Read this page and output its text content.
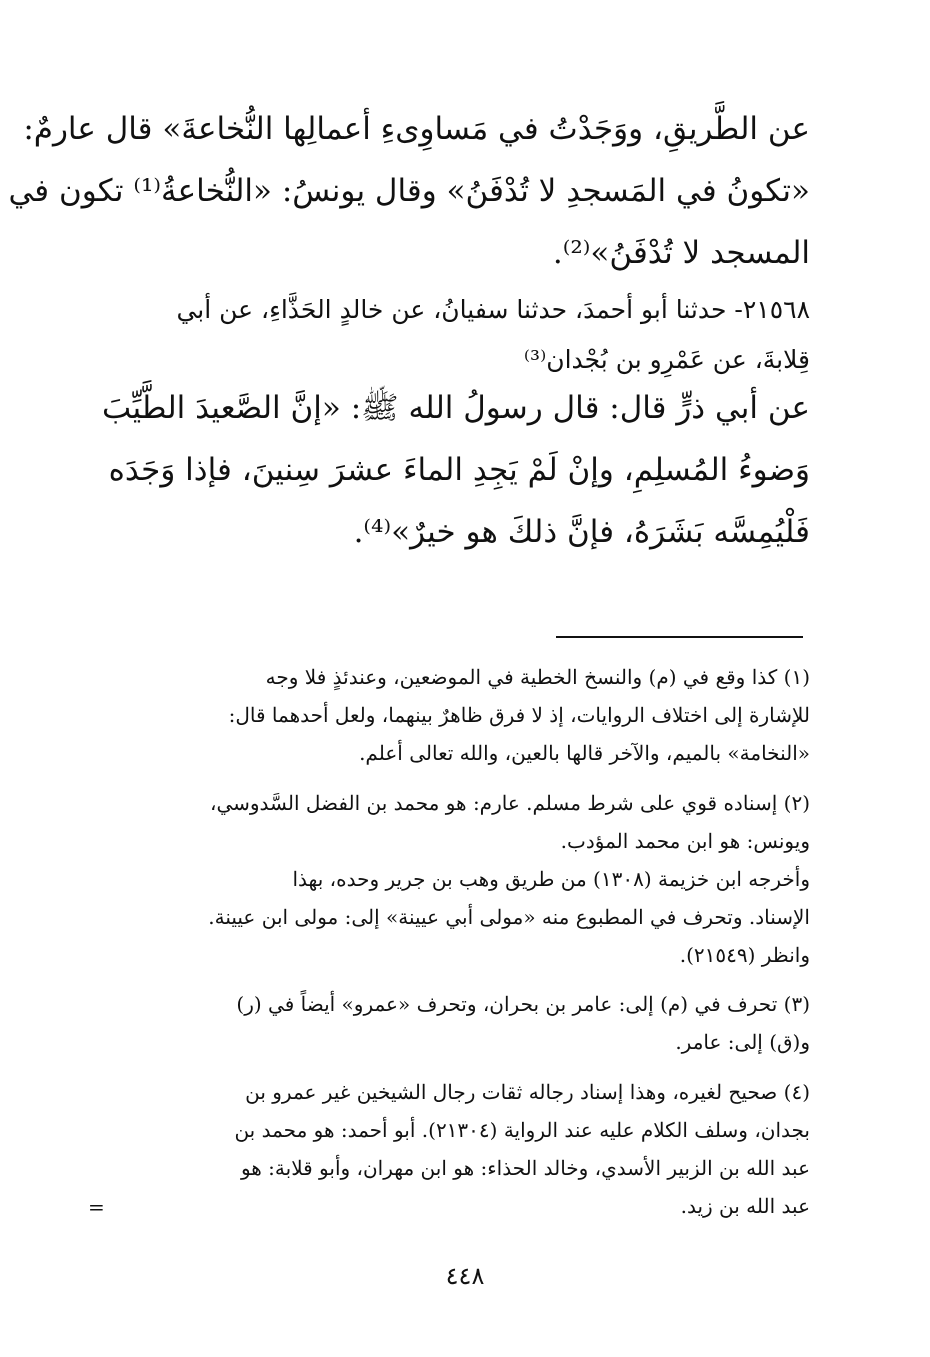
عن الطَّريقِ، ووَجَدْتُ في مَساوِىءِ أعمالِها النُّخاعةَ» قال عارمٌ:
«تكونُ في المَسجدِ لا تُدْفَنُ» وقال يونسُ: «النُّخاعةُ⁽¹⁾ تكون في
المسجد لا تُدْفَنُ»⁽²⁾.
٢١٥٦٨- حدثنا أبو أحمدَ، حدثنا سفيانُ، عن خالدٍ الحَذَّاءِ، عن أبي
قِلابةَ، عن عَمْرِو بن بُجْدان⁽³⁾
عن أبي ذرٍّ قال: قال رسولُ الله ﷺ: «إنَّ الصَّعيدَ الطَّيِّبَ
وَضوءُ المُسلِمِ، وإنْ لَمْ يَجِدِ الماءَ عشرَ سِنينَ، فإذا وَجَدَه
فَلْيُمِسَّه بَشَرَهُ، فإنَّ ذلكَ هو خيرٌ»⁽⁴⁾.
(١) كذا وقع في (م) والنسخ الخطية في الموضعين، وعندئذٍ فلا وجه
للإشارة إلى اختلاف الروايات، إذ لا فرق ظاهرٌ بينهما، ولعل أحدهما قال:
«النخامة» بالميم، والآخر قالها بالعين، والله تعالى أعلم.
(٢) إسناده قوي على شرط مسلم. عارم: هو محمد بن الفضل السَّدوسي،
ويونس: هو ابن محمد المؤدب.
وأخرجه ابن خزيمة (١٣٠٨) من طريق وهب بن جرير وحده، بهذا
الإسناد. وتحرف في المطبوع منه «مولى أبي عيينة» إلى: مولى ابن عيينة.
وانظر (٢١٥٤٩).
(٣) تحرف في (م) إلى: عامر بن بحران، وتحرف «عمرو» أيضاً في (ر)
و(ق) إلى: عامر.
(٤) صحيح لغيره، وهذا إسناد رجاله ثقات رجال الشيخين غير عمرو بن
بجدان، وسلف الكلام عليه عند الرواية (٢١٣٠٤). أبو أحمد: هو محمد بن
عبد الله بن الزبير الأسدي، وخالد الحذاء: هو ابن مهران، وأبو قلابة: هو
عبد الله بن زيد.
=
٤٤٨
